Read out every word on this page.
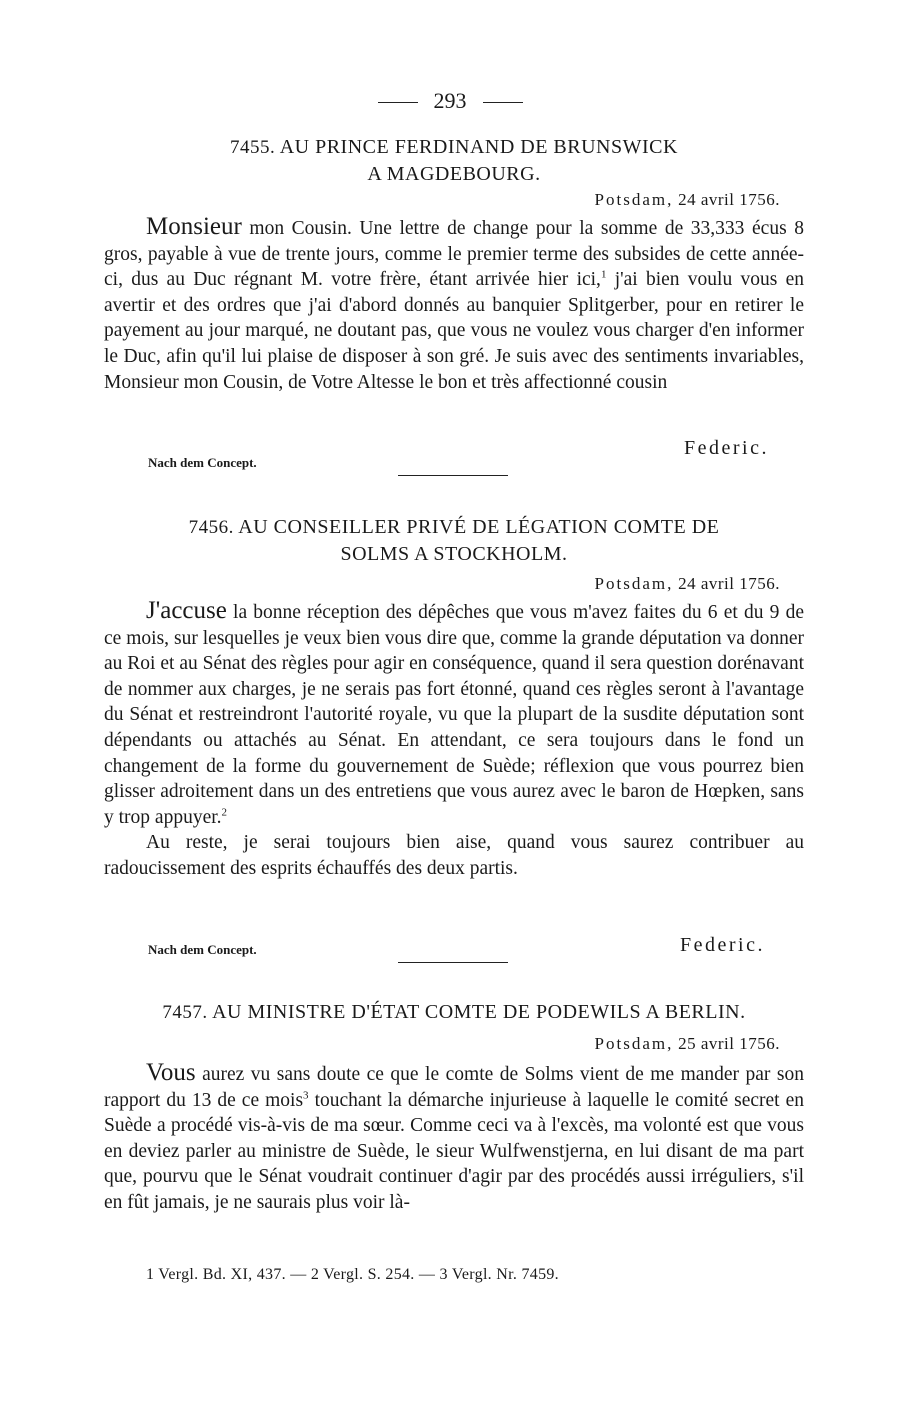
293
7455. AU PRINCE FERDINAND DE BRUNSWICK
A MAGDEBOURG.
Potsdam, 24 avril 1756.

Monsieur mon Cousin. Une lettre de change pour la somme de 33,333 écus 8 gros, payable à vue de trente jours, comme le premier terme des subsides de cette année-ci, dus au Duc régnant M. votre frère, étant arrivée hier ici,$^1$ j'ai bien voulu vous en avertir et des ordres que j'ai d'abord donnés au banquier Splitgerber, pour en retirer le payement au jour marqué, ne doutant pas, que vous ne voulez vous charger d'en informer le Duc, afin qu'il lui plaise de disposer à son gré. Je suis avec des sentiments invariables, Monsieur mon Cousin, de Votre Altesse le bon et très affectionné cousin

Nach dem Concept.
Federic.
7456. AU CONSEILLER PRIVÉ DE LÉGATION COMTE DE
SOLMS A STOCKHOLM.
Potsdam, 24 avril 1756.

J'accuse la bonne réception des dépêches que vous m'avez faites du 6 et du 9 de ce mois, sur lesquelles je veux bien vous dire que, comme la grande députation va donner au Roi et au Sénat des règles pour agir en conséquence, quand il sera question dorénavant de nommer aux charges, je ne serais pas fort étonné, quand ces règles seront à l'avantage du Sénat et restreindront l'autorité royale, vu que la plupart de la susdite députation sont dépendants ou attachés au Sénat. En attendant, ce sera toujours dans le fond un changement de la forme du gouvernement de Suède; réflexion que vous pourrez bien glisser adroitement dans un des entretiens que vous aurez avec le baron de Hœpken, sans y trop appuyer.$^2$

Au reste, je serai toujours bien aise, quand vous saurez contribuer au radoucissement des esprits échauffés des deux partis.

Nach dem Concept.	Federic.
7457. AU MINISTRE D'ÉTAT COMTE DE PODEWILS A BERLIN.
Potsdam, 25 avril 1756.

Vous aurez vu sans doute ce que le comte de Solms vient de me mander par son rapport du 13 de ce mois$^3$ touchant la démarche injurieuse à laquelle le comité secret en Suède a procédé vis-à-vis de ma sœur. Comme ceci va à l'excès, ma volonté est que vous en deviez parler au ministre de Suède, le sieur Wulfwenstjerna, en lui disant de ma part que, pourvu que le Sénat voudrait continuer d'agir par des procédés aussi irréguliers, s'il en fût jamais, je ne saurais plus voir là-

1 Vergl. Bd. XI, 437. — 2 Vergl. S. 254. — 3 Vergl. Nr. 7459.
